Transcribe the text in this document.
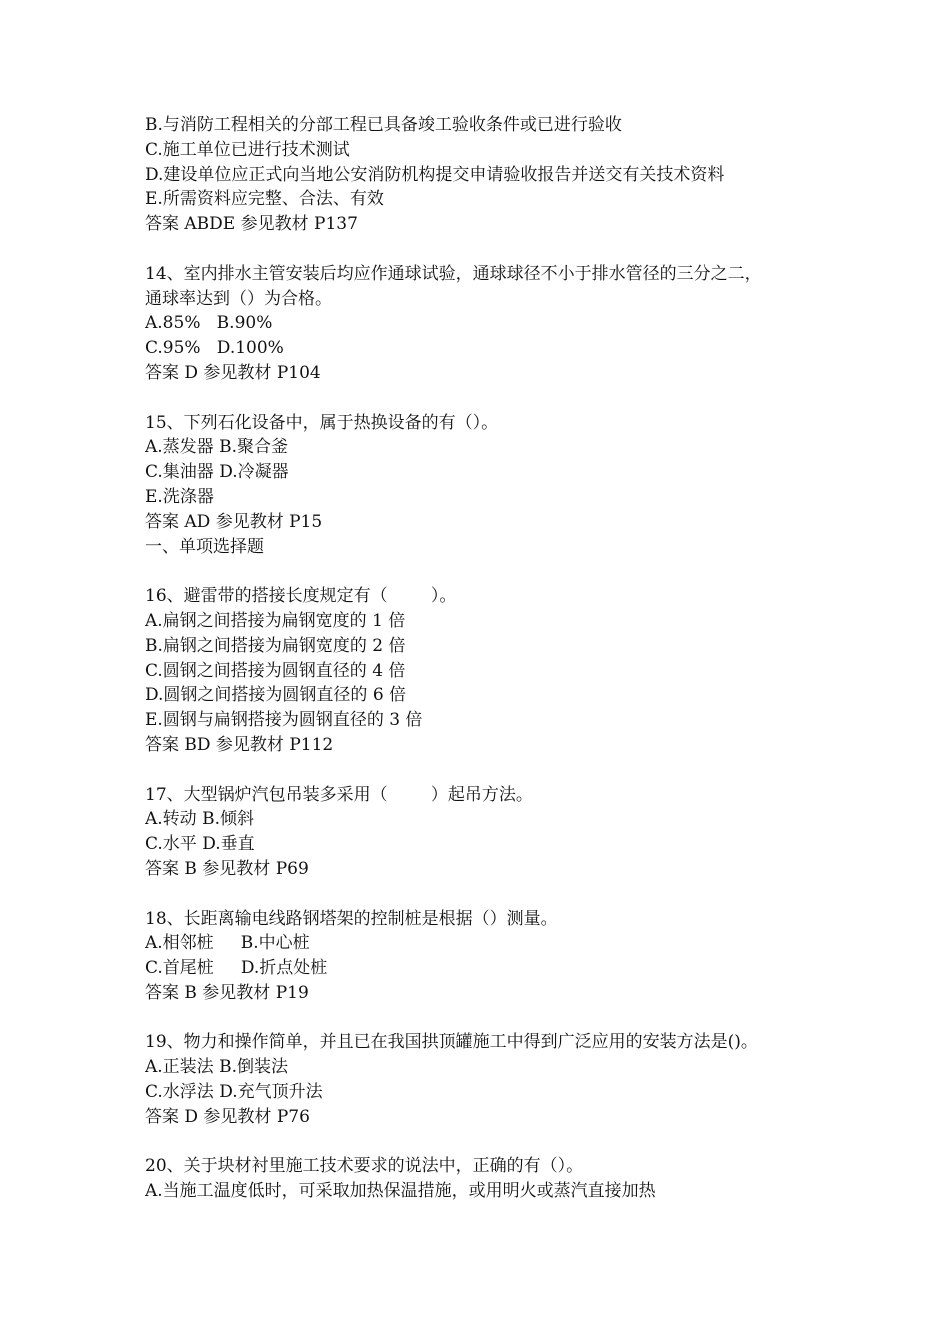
B.与消防工程相关的分部工程已具备竣工验收条件或已进行验收
C.施工单位已进行技术测试
D.建设单位应正式向当地公安消防机构提交申请验收报告并送交有关技术资料
E.所需资料应完整、合法、有效
答案 ABDE 参见教材 P137
14、室内排水主管安装后均应作通球试验，通球球径不小于排水管径的三分之二，
通球率达到（）为合格。
A.85%   B.90%
C.95%   D.100%
答案 D 参见教材 P104
15、下列石化设备中，属于热换设备的有（）。
A.蒸发器 B.聚合釜
C.集油器 D.冷凝器
E.洗涤器
答案 AD 参见教材 P15
一、单项选择题
16、避雷带的搭接长度规定有（        ）。
A.扁钢之间搭接为扁钢宽度的 1 倍
B.扁钢之间搭接为扁钢宽度的 2 倍
C.圆钢之间搭接为圆钢直径的 4 倍
D.圆钢之间搭接为圆钢直径的 6 倍
E.圆钢与扁钢搭接为圆钢直径的 3 倍
答案 BD 参见教材 P112
17、大型锅炉汽包吊装多采用（        ）起吊方法。
A.转动 B.倾斜
C.水平 D.垂直
答案 B 参见教材 P69
18、长距离输电线路钢塔架的控制桩是根据（）测量。
A.相邻桩     B.中心桩
C.首尾桩     D.折点处桩
答案 B 参见教材 P19
19、物力和操作简单，并且已在我国拱顶罐施工中得到广泛应用的安装方法是()。
A.正装法 B.倒装法
C.水浮法 D.充气顶升法
答案 D 参见教材 P76
20、关于块材衬里施工技术要求的说法中，正确的有（）。
A.当施工温度低时，可采取加热保温措施，或用明火或蒸汽直接加热
